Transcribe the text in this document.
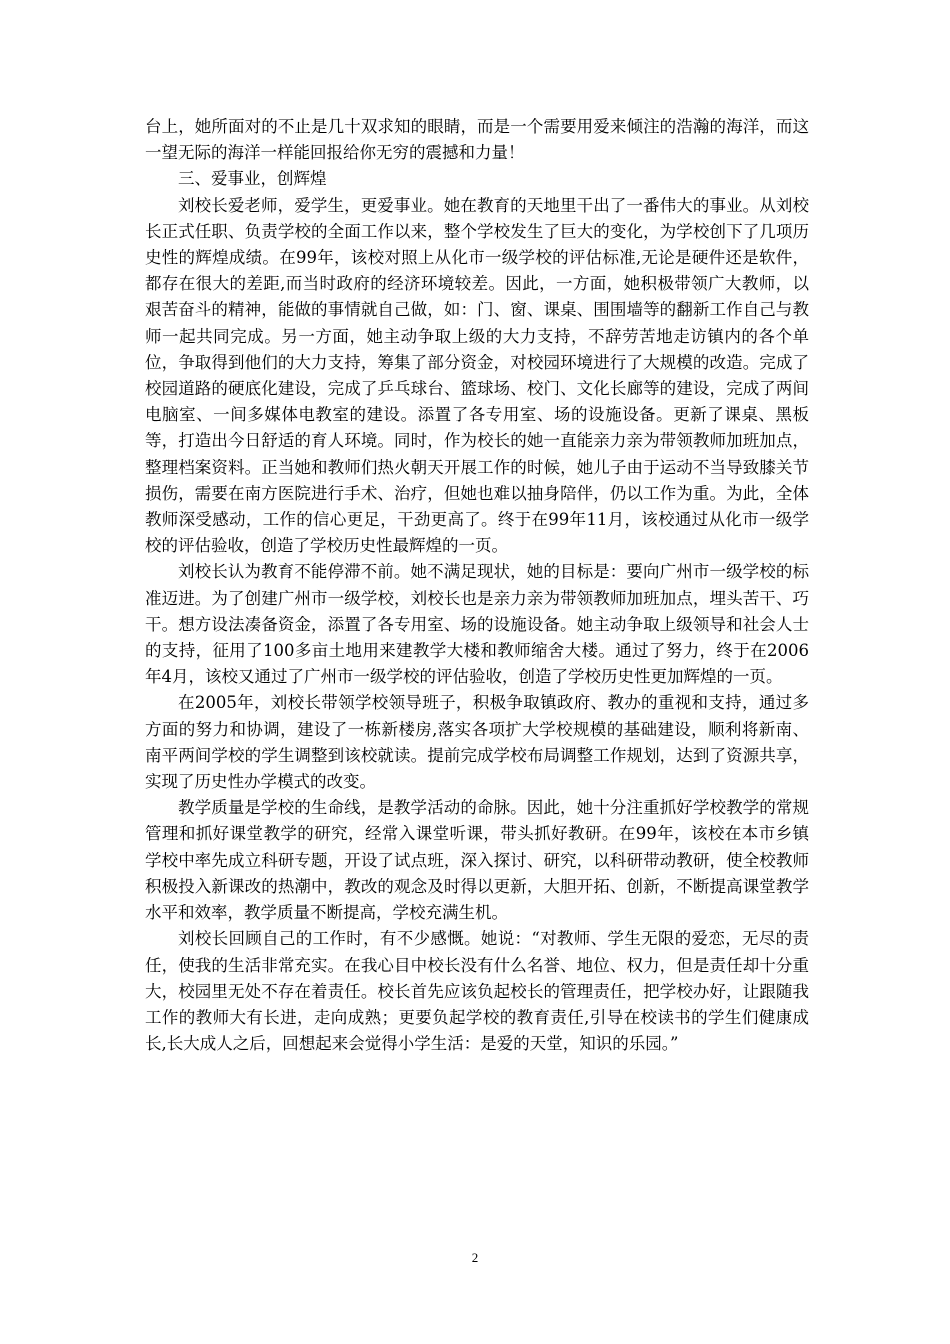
台上，她所面对的不止是几十双求知的眼睛，而是一个需要用爱来倾注的浩瀚的海洋，而这一望无际的海洋一样能回报给你无穷的震撼和力量！

三、爱事业，创辉煌

刘校长爱老师，爱学生，更爱事业。她在教育的天地里干出了一番伟大的事业。从刘校长正式任职、负责学校的全面工作以来，整个学校发生了巨大的变化，为学校创下了几项历史性的辉煌成绩。在99年，该校对照上从化市一级学校的评估标准,无论是硬件还是软件，都存在很大的差距,而当时政府的经济环境较差。因此，一方面，她积极带领广大教师，以艰苦奋斗的精神，能做的事情就自己做，如：门、窗、课桌、围围墙等的翻新工作自己与教师一起共同完成。另一方面，她主动争取上级的大力支持，不辞劳苦地走访镇内的各个单位，争取得到他们的大力支持，筹集了部分资金，对校园环境进行了大规模的改造。完成了校园道路的硬底化建设，完成了乒乓球台、篮球场、校门、文化长廊等的建设，完成了两间电脑室、一间多媒体电教室的建设。添置了各专用室、场的设施设备。更新了课桌、黑板等，打造出今日舒适的育人环境。同时，作为校长的她一直能亲力亲为带领教师加班加点，整理档案资料。正当她和教师们热火朝天开展工作的时候，她儿子由于运动不当导致膝关节损伤，需要在南方医院进行手术、治疗，但她也难以抽身陪伴，仍以工作为重。为此，全体教师深受感动，工作的信心更足，干劲更高了。终于在99年11月，该校通过从化市一级学校的评估验收，创造了学校历史性最辉煌的一页。

刘校长认为教育不能停滞不前。她不满足现状，她的目标是：要向广州市一级学校的标准迈进。为了创建广州市一级学校，刘校长也是亲力亲为带领教师加班加点，埋头苦干、巧干。想方设法凑备资金，添置了各专用室、场的设施设备。她主动争取上级领导和社会人士的支持，征用了100多亩土地用来建教学大楼和教师缩舍大楼。通过了努力，终于在2006年4月，该校又通过了广州市一级学校的评估验收，创造了学校历史性更加辉煌的一页。

在2005年，刘校长带领学校领导班子，积极争取镇政府、教办的重视和支持，通过多方面的努力和协调，建设了一栋新楼房,落实各项扩大学校规模的基础建设，顺利将新南、南平两间学校的学生调整到该校就读。提前完成学校布局调整工作规划，达到了资源共享，实现了历史性办学模式的改变。

教学质量是学校的生命线，是教学活动的命脉。因此，她十分注重抓好学校教学的常规管理和抓好课堂教学的研究，经常入课堂听课，带头抓好教研。在99年，该校在本市乡镇学校中率先成立科研专题，开设了试点班，深入探讨、研究，以科研带动教研，使全校教师积极投入新课改的热潮中，教改的观念及时得以更新，大胆开拓、创新，不断提高课堂教学水平和效率，教学质量不断提高，学校充满生机。

刘校长回顾自己的工作时，有不少感慨。她说：“对教师、学生无限的爱恋，无尽的责任，使我的生活非常充实。在我心目中校长没有什么名誉、地位、权力，但是责任却十分重大，校园里无处不存在着责任。校长首先应该负起校长的管理责任，把学校办好，让跟随我工作的教师大有长进，走向成熟；更要负起学校的教育责任,引导在校读书的学生们健康成长,长大成人之后，回想起来会觉得小学生活：是爱的天堂，知识的乐园。”

2
